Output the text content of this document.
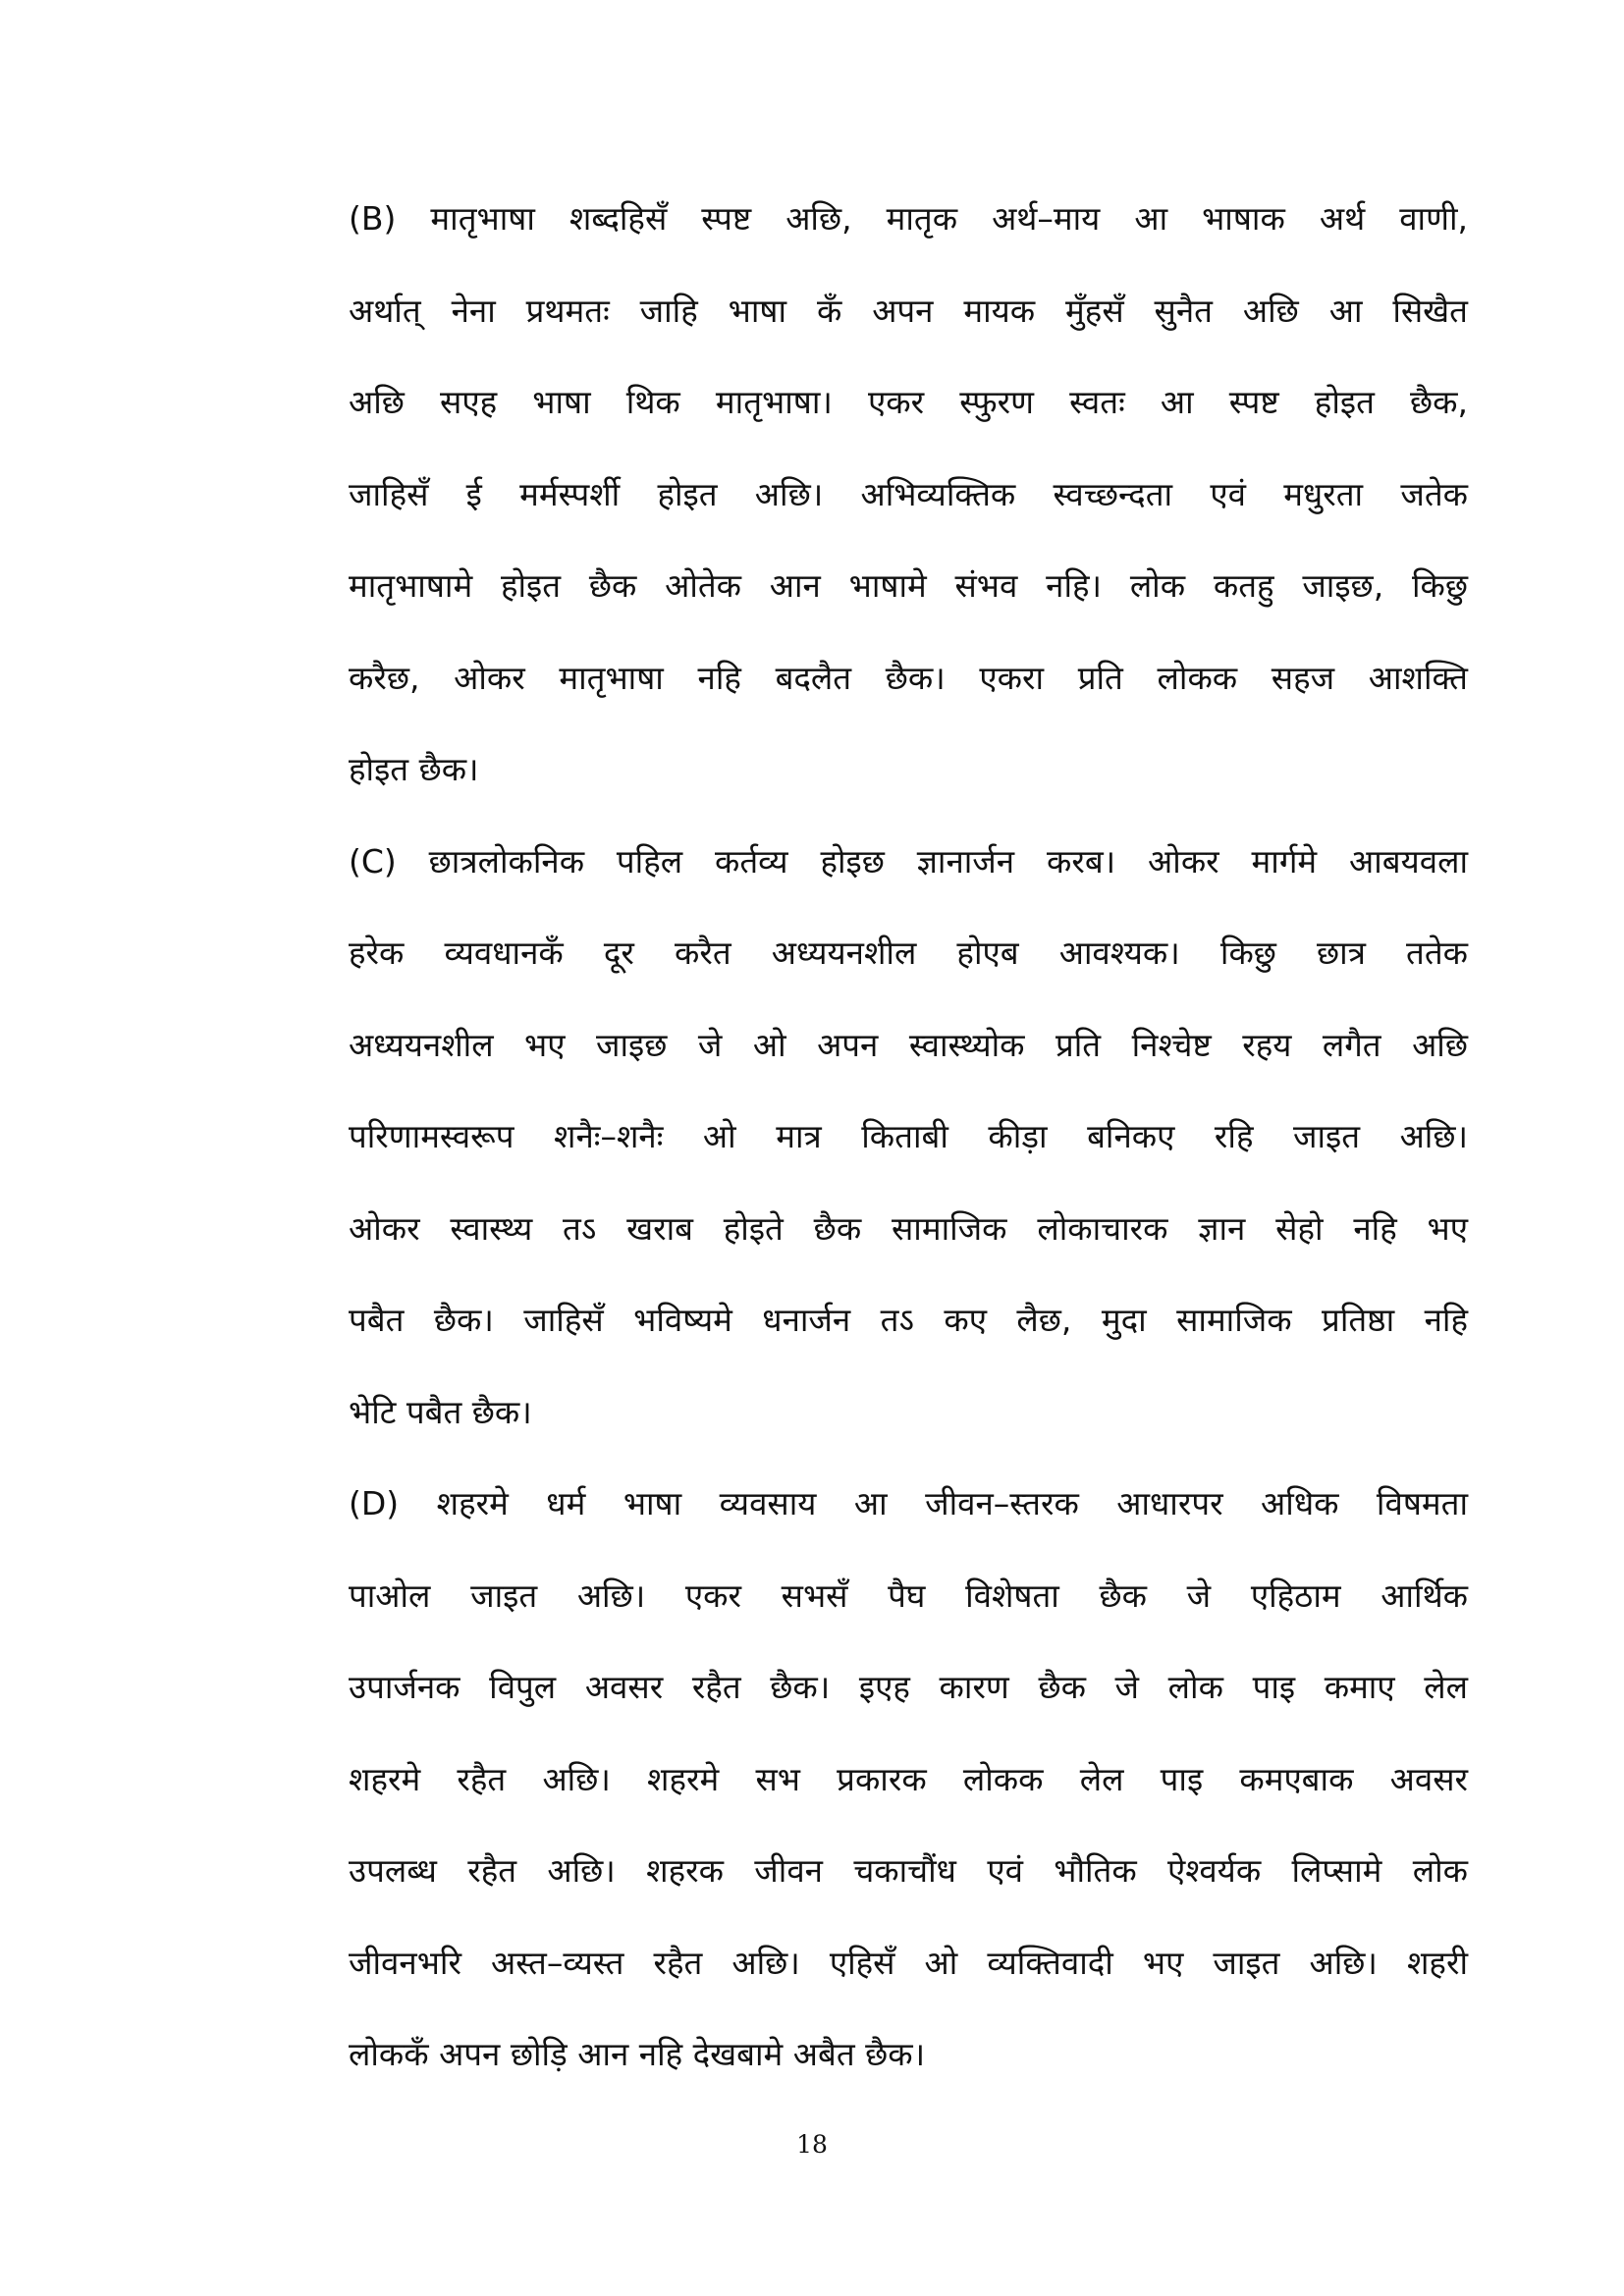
(B) मातृभाषा शब्दहिसँ स्पष्ट अछि, मातृक अर्थ–माय आ भाषाक अर्थ वाणी,
अर्थात् नेना प्रथमतः जाहि भाषा कँ अपन मायक मुँहसँ सुनैत अछि आ सिखैत
अछि सएह भाषा थिक मातृभाषा। एकर स्फुरण स्वतः आ स्पष्ट होइत छैक,
जाहिसँ ई मर्मस्पर्शी होइत अछि। अभिव्यक्तिक स्वच्छन्दता एवं मधुरता जतेक
मातृभाषामे होइत छैक ओतेक आन भाषामे संभव नहि। लोक कतहु जाइछ, किछु
करैछ, ओकर मातृभाषा नहि बदलैत छैक। एकरा प्रति लोकक सहज आशक्ति
होइत छैक।
(C) छात्रलोकनिक पहिल कर्तव्य होइछ ज्ञानार्जन करब। ओकर मार्गमे आबयवला
हरेक व्यवधानकँ दूर करैत अध्ययनशील होएब आवश्यक। किछु छात्र ततेक
अध्ययनशील भए जाइछ जे ओ अपन स्वास्थ्योक प्रति निश्चेष्ट रहय लगैत अछि
परिणामस्वरूप शनैः–शनैः ओ मात्र किताबी कीड़ा बनिकए रहि जाइत अछि।
ओकर स्वास्थ्य तऽ खराब होइते छैक सामाजिक लोकाचारक ज्ञान सेहो नहि भए
पबैत छैक। जाहिसँ भविष्यमे धनार्जन तऽ कए लैछ, मुदा सामाजिक प्रतिष्ठा नहि
भेटि पबैत छैक।
(D) शहरमे धर्म भाषा व्यवसाय आ जीवन–स्तरक आधारपर अधिक विषमता
पाओल जाइत अछि। एकर सभसँ पैघ विशेषता छैक जे एहिठाम आर्थिक
उपार्जनक विपुल अवसर रहैत छैक। इएह कारण छैक जे लोक पाइ कमाए लेल
शहरमे रहैत अछि। शहरमे सभ प्रकारक लोकक लेल पाइ कमएबाक अवसर
उपलब्ध रहैत अछि। शहरक जीवन चकाचौंध एवं भौतिक ऐश्वर्यक लिप्सामे लोक
जीवनभरि अस्त–व्यस्त रहैत अछि। एहिसँ ओ व्यक्तिवादी भए जाइत अछि। शहरी
लोककँ अपन छोड़ि आन नहि देखबामे अबैत छैक।
18
